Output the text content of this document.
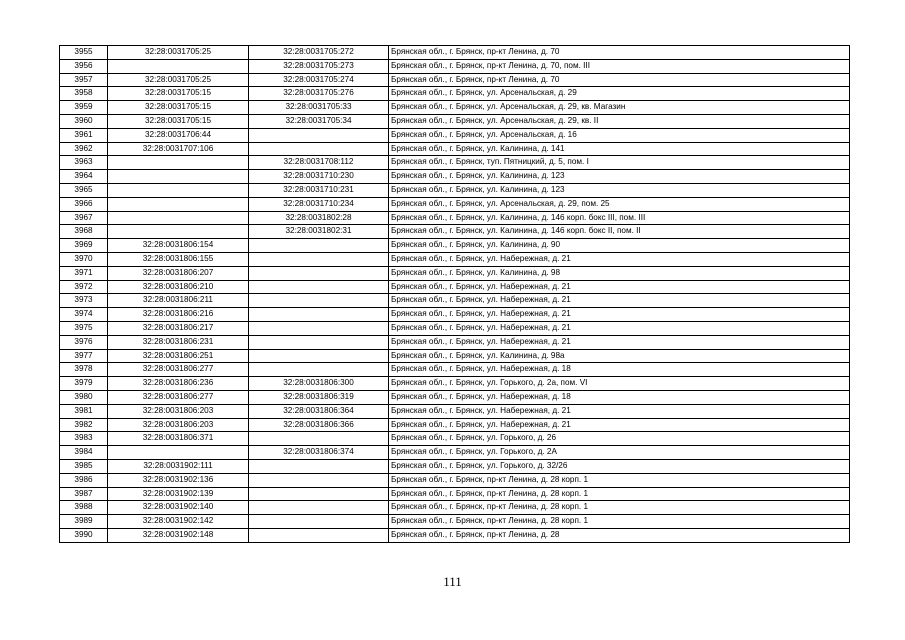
3955	32:28:0031705:25	32:28:0031705:272	Брянская обл., г. Брянск, пр-кт Ленина, д. 70
3956		32:28:0031705:273	Брянская обл., г. Брянск, пр-кт Ленина, д. 70, пом. III
3957	32:28:0031705:25	32:28:0031705:274	Брянская обл., г. Брянск, пр-кт Ленина, д. 70
3958	32:28:0031705:15	32:28:0031705:276	Брянская обл., г. Брянск, ул. Арсенальская, д. 29
3959	32:28:0031705:15	32:28:0031705:33	Брянская обл., г. Брянск, ул. Арсенальская, д. 29, кв. Магазин
3960	32:28:0031705:15	32:28:0031705:34	Брянская обл., г. Брянск, ул. Арсенальская, д. 29, кв. II
3961	32:28:0031706:44		Брянская обл., г. Брянск, ул. Арсенальская, д. 16
3962	32:28:0031707:106		Брянская обл., г. Брянск, ул. Калинина, д. 141
3963		32:28:0031708:112	Брянская обл., г. Брянск, туп. Пятницкий, д. 5, пом. I
3964		32:28:0031710:230	Брянская обл., г. Брянск, ул. Калинина, д. 123
3965		32:28:0031710:231	Брянская обл., г. Брянск, ул. Калинина, д. 123
3966		32:28:0031710:234	Брянская обл., г. Брянск, ул. Арсенальская, д. 29, пом. 25
3967		32:28:0031802:28	Брянская обл., г. Брянск, ул. Калинина, д. 146 корп. бокс III, пом. III
3968		32:28:0031802:31	Брянская обл., г. Брянск, ул. Калинина, д. 146 корп. бокс II, пом. II
3969	32:28:0031806:154		Брянская обл., г. Брянск, ул. Калинина, д. 90
3970	32:28:0031806:155		Брянская обл., г. Брянск, ул. Набережная, д. 21
3971	32:28:0031806:207		Брянская обл., г. Брянск, ул. Калинина, д. 98
3972	32:28:0031806:210		Брянская обл., г. Брянск, ул. Набережная, д. 21
3973	32:28:0031806:211		Брянская обл., г. Брянск, ул. Набережная, д. 21
3974	32:28:0031806:216		Брянская обл., г. Брянск, ул. Набережная, д. 21
3975	32:28:0031806:217		Брянская обл., г. Брянск, ул. Набережная, д. 21
3976	32:28:0031806:231		Брянская обл., г. Брянск, ул. Набережная, д. 21
3977	32:28:0031806:251		Брянская обл., г. Брянск, ул. Калинина, д. 98а
3978	32:28:0031806:277		Брянская обл., г. Брянск, ул. Набережная, д. 18
3979	32:28:0031806:236	32:28:0031806:300	Брянская обл., г. Брянск, ул. Горького, д. 2а, пом. VI
3980	32:28:0031806:277	32:28:0031806:319	Брянская обл., г. Брянск, ул. Набережная, д. 18
3981	32:28:0031806:203	32:28:0031806:364	Брянская обл., г. Брянск, ул. Набережная, д. 21
3982	32:28:0031806:203	32:28:0031806:366	Брянская обл., г. Брянск, ул. Набережная, д. 21
3983	32:28:0031806:371		Брянская обл., г. Брянск, ул. Горького, д. 26
3984		32:28:0031806:374	Брянская обл., г. Брянск, ул. Горького, д. 2А
3985	32:28:0031902:111		Брянская обл., г. Брянск, ул. Горького, д. 32/26
3986	32:28:0031902:136		Брянская обл., г. Брянск, пр-кт Ленина, д. 28 корп. 1
3987	32:28:0031902:139		Брянская обл., г. Брянск, пр-кт Ленина, д. 28 корп. 1
3988	32:28:0031902:140		Брянская обл., г. Брянск, пр-кт Ленина, д. 28 корп. 1
3989	32:28:0031902:142		Брянская обл., г. Брянск, пр-кт Ленина, д. 28 корп. 1
3990	32:28:0031902:148		Брянская обл., г. Брянск, пр-кт Ленина, д. 28
111
